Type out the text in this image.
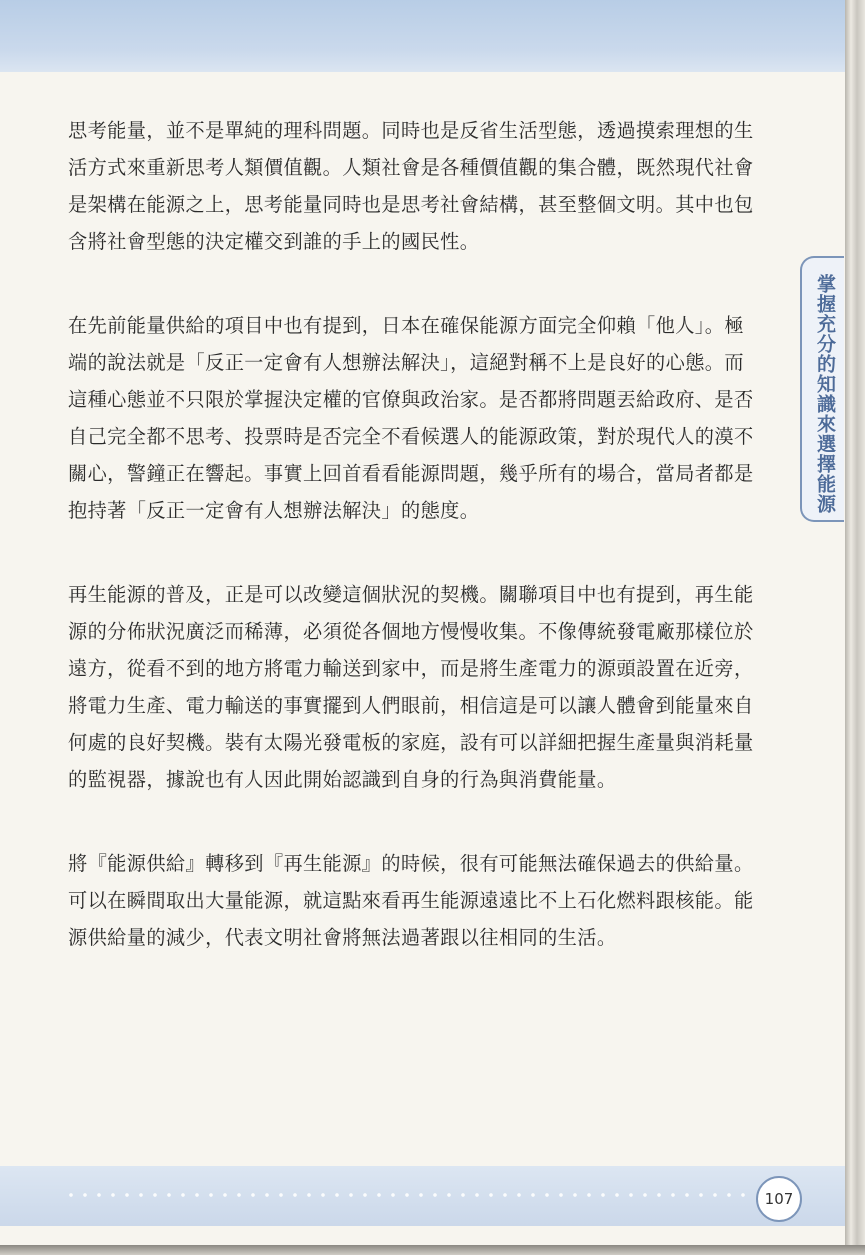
思考能量，並不是單純的理科問題。同時也是反省生活型態，透過摸索理想的生活方式來重新思考人類價值觀。人類社會是各種價值觀的集合體，既然現代社會是架構在能源之上，思考能量同時也是思考社會結構，甚至整個文明。其中也包含將社會型態的決定權交到誰的手上的國民性。

在先前能量供給的項目中也有提到，日本在確保能源方面完全仰賴「他人」。極端的說法就是「反正一定會有人想辦法解決」，這絕對稱不上是良好的心態。而這種心態並不只限於掌握決定權的官僚與政治家。是否都將問題丟給政府、是否自己完全都不思考、投票時是否完全不看候選人的能源政策，對於現代人的漠不關心，警鐘正在響起。事實上回首看看能源問題，幾乎所有的場合，當局者都是抱持著「反正一定會有人想辦法解決」的態度。

再生能源的普及，正是可以改變這個狀況的契機。關聯項目中也有提到，再生能源的分佈狀況廣泛而稀薄，必須從各個地方慢慢收集。不像傳統發電廠那樣位於遠方，從看不到的地方將電力輸送到家中，而是將生產電力的源頭設置在近旁，將電力生產、電力輸送的事實擺到人們眼前，相信這是可以讓人體會到能量來自何處的良好契機。裝有太陽光發電板的家庭，設有可以詳細把握生產量與消耗量的監視器，據說也有人因此開始認識到自身的行為與消費能量。

將『能源供給』轉移到『再生能源』的時候，很有可能無法確保過去的供給量。可以在瞬間取出大量能源，就這點來看再生能源遠遠比不上石化燃料跟核能。能源供給量的減少，代表文明社會將無法過著跟以往相同的生活。

掌握充分的知識來選擇能源
107
